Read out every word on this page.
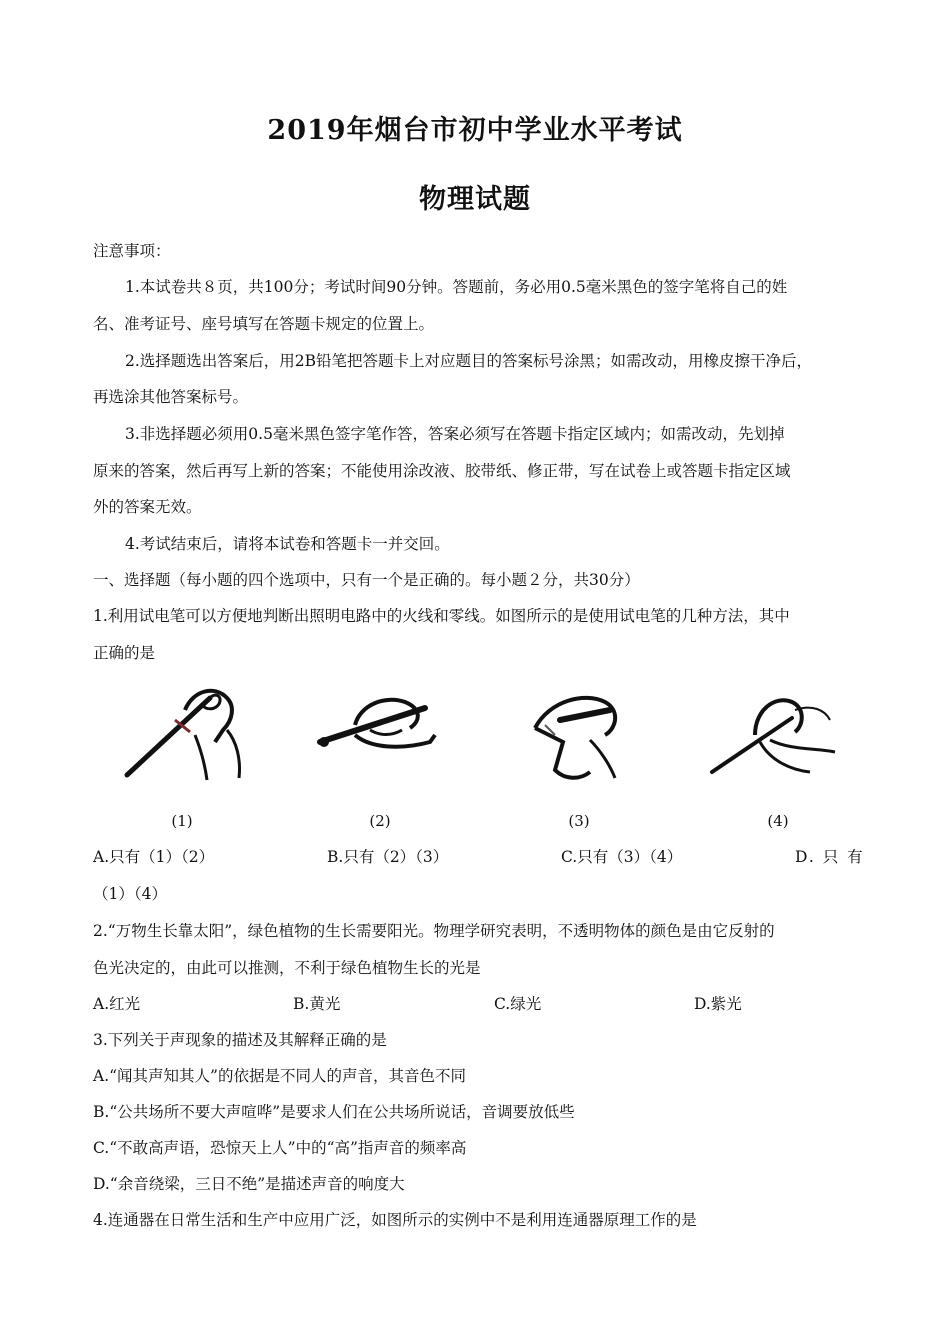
2019年烟台市初中学业水平考试
物理试题
注意事项：
1.本试卷共８页，共100分；考试时间90分钟。答题前，务必用0.5毫米黑色的签字笔将自己的姓
名、准考证号、座号填写在答题卡规定的位置上。
2.选择题选出答案后，用2B铅笔把答题卡上对应题目的答案标号涂黑；如需改动，用橡皮擦干净后，
再选涂其他答案标号。
3.非选择题必须用0.5毫米黑色签字笔作答，答案必须写在答题卡指定区域内；如需改动，先划掉
原来的答案，然后再写上新的答案；不能使用涂改液、胶带纸、修正带，写在试卷上或答题卡指定区域
外的答案无效。
4.考试结束后，请将本试卷和答题卡一并交回。
一、选择题（每小题的四个选项中，只有一个是正确的。每小题２分，共30分）
1.利用试电笔可以方便地判断出照明电路中的火线和零线。如图所示的是使用试电笔的几种方法，其中
正确的是
(1)	(2)	(3)	(4)
A.只有（1）（2）	B.只有（2）（3）	C.只有（3）（4）	D. 只 有
（1）（4）
2.“万物生长靠太阳”，绿色植物的生长需要阳光。物理学研究表明，不透明物体的颜色是由它反射的
色光决定的，由此可以推测，不利于绿色植物生长的光是
A.红光	B.黄光	C.绿光	D.紫光
3.下列关于声现象的描述及其解释正确的是
A.“闻其声知其人”的依据是不同人的声音，其音色不同
B.“公共场所不要大声喧哗”是要求人们在公共场所说话，音调要放低些
C.“不敢高声语，恐惊天上人”中的“高”指声音的频率高
D.“余音绕梁，三日不绝”是描述声音的响度大
4.连通器在日常生活和生产中应用广泛，如图所示的实例中不是利用连通器原理工作的是
